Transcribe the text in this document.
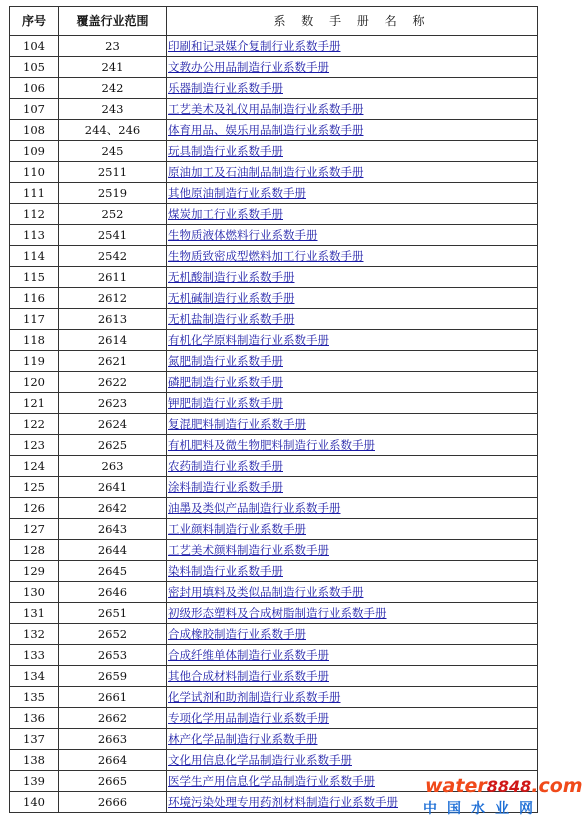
序号	覆盖行业范围	系 数 手 册 名 称
104	23	印刷和记录媒介复制行业系数手册
105	241	文教办公用品制造行业系数手册
106	242	乐器制造行业系数手册
107	243	工艺美术及礼仪用品制造行业系数手册
108	244、246	体育用品、娱乐用品制造行业系数手册
109	245	玩具制造行业系数手册
110	2511	原油加工及石油制品制造行业系数手册
111	2519	其他原油制造行业系数手册
112	252	煤炭加工行业系数手册
113	2541	生物质液体燃料行业系数手册
114	2542	生物质致密成型燃料加工行业系数手册
115	2611	无机酸制造行业系数手册
116	2612	无机碱制造行业系数手册
117	2613	无机盐制造行业系数手册
118	2614	有机化学原料制造行业系数手册
119	2621	氮肥制造行业系数手册
120	2622	磷肥制造行业系数手册
121	2623	钾肥制造行业系数手册
122	2624	复混肥料制造行业系数手册
123	2625	有机肥料及微生物肥料制造行业系数手册
124	263	农药制造行业系数手册
125	2641	涂料制造行业系数手册
126	2642	油墨及类似产品制造行业系数手册
127	2643	工业颜料制造行业系数手册
128	2644	工艺美术颜料制造行业系数手册
129	2645	染料制造行业系数手册
130	2646	密封用填料及类似品制造行业系数手册
131	2651	初级形态塑料及合成树脂制造行业系数手册
132	2652	合成橡胶制造行业系数手册
133	2653	合成纤维单体制造行业系数手册
134	2659	其他合成材料制造行业系数手册
135	2661	化学试剂和助剂制造行业系数手册
136	2662	专项化学用品制造行业系数手册
137	2663	林产化学品制造行业系数手册
138	2664	文化用信息化学品制造行业系数手册
139	2665	医学生产用信息化学品制造行业系数手册
140	2666	环境污染处理专用药剂材料制造行业系数手册
water8848.com
中国水业网
